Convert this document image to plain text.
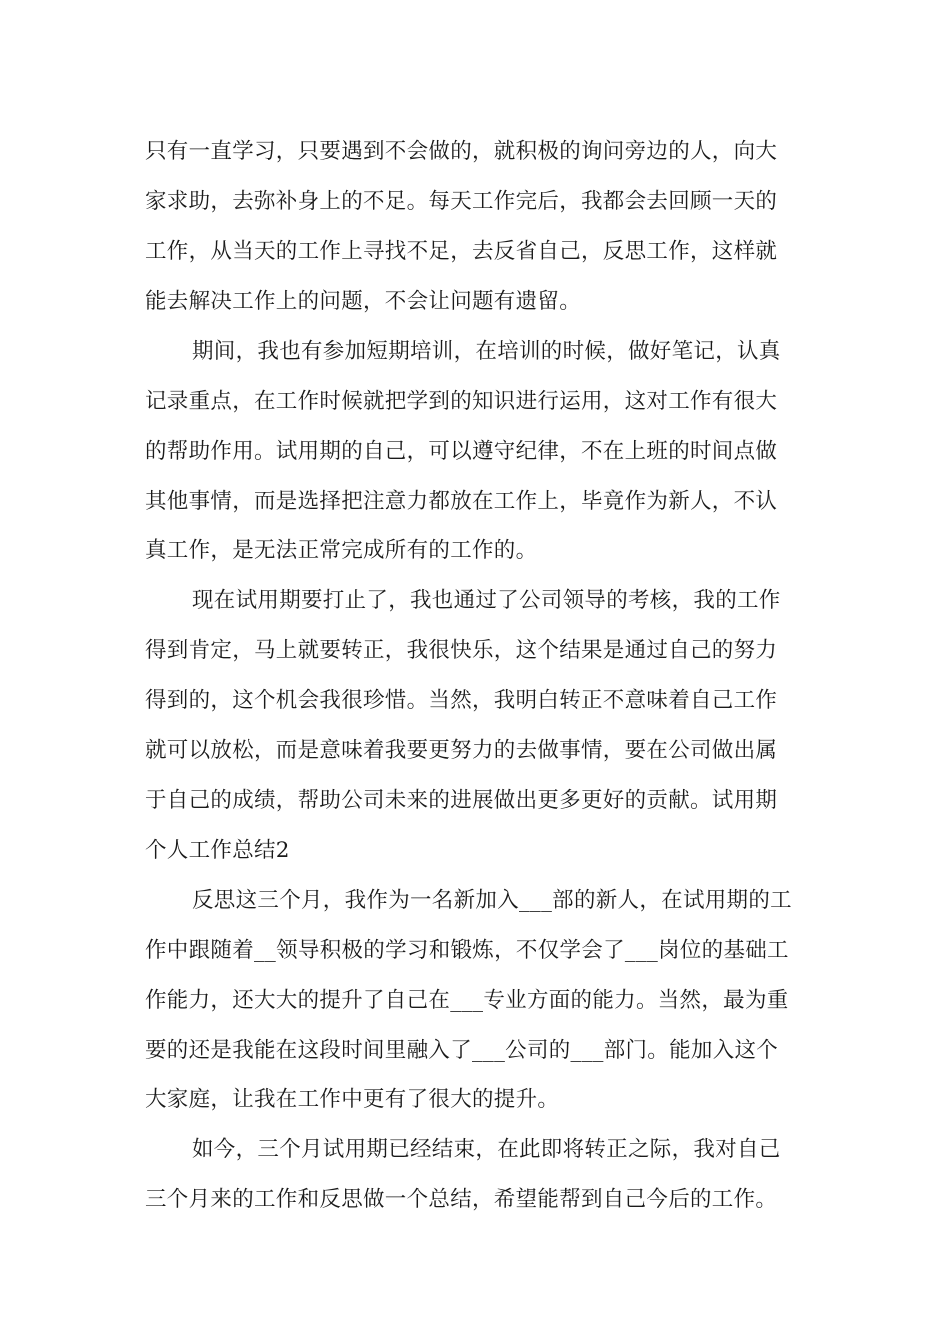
只有一直学习，只要遇到不会做的，就积极的询问旁边的人，向大
家求助，去弥补身上的不足。每天工作完后，我都会去回顾一天的
工作，从当天的工作上寻找不足，去反省自己，反思工作，这样就
能去解决工作上的问题，不会让问题有遗留。
期间，我也有参加短期培训，在培训的时候，做好笔记，认真
记录重点，在工作时候就把学到的知识进行运用，这对工作有很大
的帮助作用。试用期的自己，可以遵守纪律，不在上班的时间点做
其他事情，而是选择把注意力都放在工作上，毕竟作为新人，不认
真工作，是无法正常完成所有的工作的。
现在试用期要打止了，我也通过了公司领导的考核，我的工作
得到肯定，马上就要转正，我很快乐，这个结果是通过自己的努力
得到的，这个机会我很珍惜。当然，我明白转正不意味着自己工作
就可以放松，而是意味着我要更努力的去做事情，要在公司做出属
于自己的成绩，帮助公司未来的进展做出更多更好的贡献。试用期
个人工作总结2
反思这三个月，我作为一名新加入___部的新人，在试用期的工
作中跟随着__领导积极的学习和锻炼，不仅学会了___岗位的基础工
作能力，还大大的提升了自己在___专业方面的能力。当然，最为重
要的还是我能在这段时间里融入了___公司的___部门。能加入这个
大家庭，让我在工作中更有了很大的提升。
如今，三个月试用期已经结束，在此即将转正之际，我对自己
三个月来的工作和反思做一个总结，希望能帮到自己今后的工作。
